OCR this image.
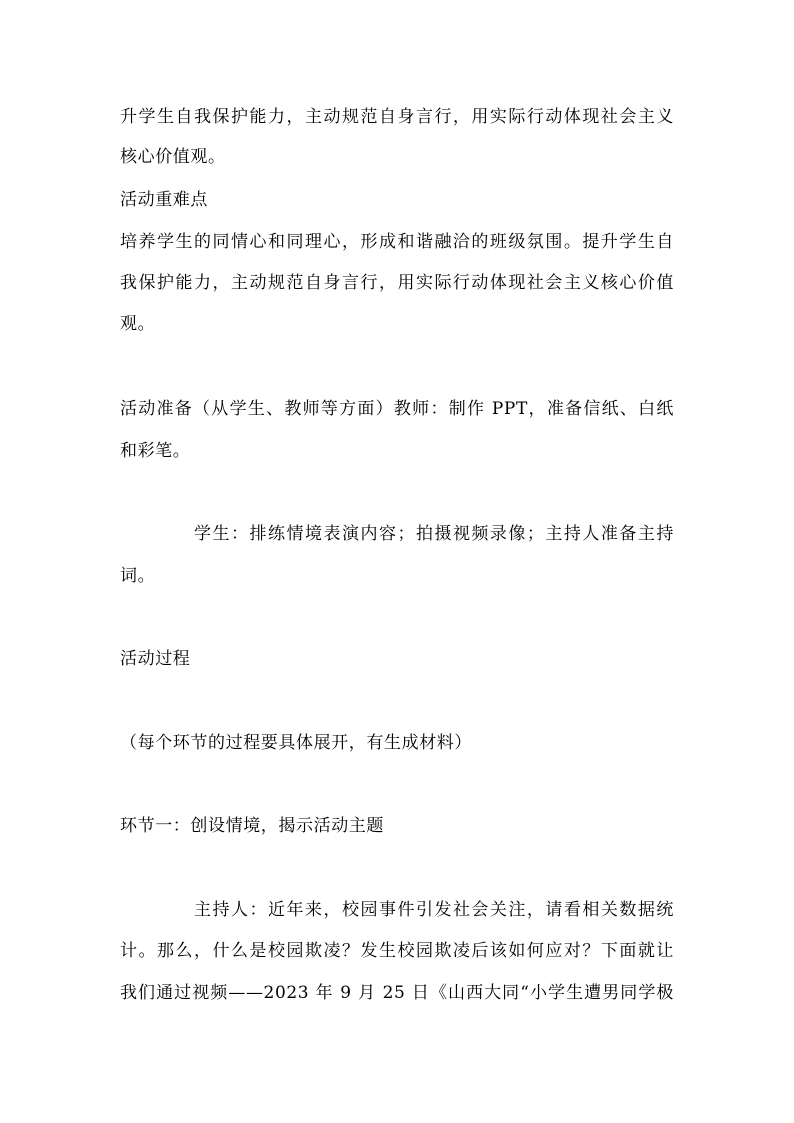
升学生自我保护能力，主动规范自身言行，用实际行动体现社会主义
核心价值观。
活动重难点
培养学生的同情心和同理心，形成和谐融洽的班级氛围。提升学生自
我保护能力，主动规范自身言行，用实际行动体现社会主义核心价值
观。
活动准备（从学生、教师等方面）教师：制作 PPT，准备信纸、白纸
和彩笔。
学生：排练情境表演内容；拍摄视频录像；主持人准备主持
词。
活动过程
（每个环节的过程要具体展开，有生成材料）
环节一：创设情境，揭示活动主题
主持人：近年来，校园事件引发社会关注，请看相关数据统
计。那么，什么是校园欺凌？发生校园欺凌后该如何应对？下面就让
我们通过视频——2023 年 9 月 25 日《山西大同“小学生遭男同学极
